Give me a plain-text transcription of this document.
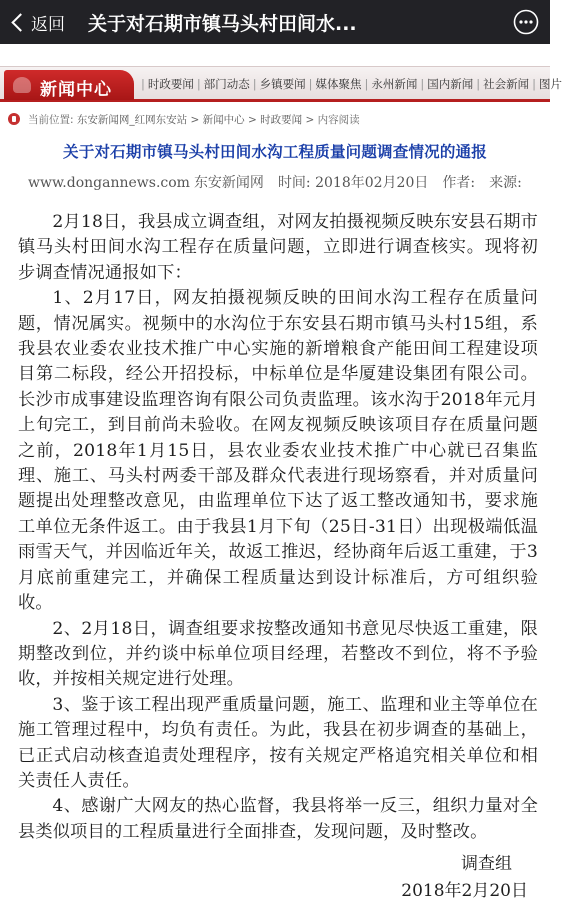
返回 关于对石期市镇马头村田间水...
新闻中心	| 时政要闻 | 部门动态 | 乡镇要闻 | 媒体聚焦 | 永州新闻 | 国内新闻 | 社会新闻 | 图片
当前位置: 东安新闻网_红网东安站 > 新闻中心 > 时政要闻 > 内容阅读
关于对石期市镇马头村田间水沟工程质量问题调查情况的通报
www.dongannews.com 东安新闻网 时间: 2018年02月20日 作者: 来源:

2月18日，我县成立调查组，对网友拍摄视频反映东安县石期市镇马头村田间水沟工程存在质量问题，立即进行调查核实。现将初步调查情况通报如下：

1、2月17日，网友拍摄视频反映的田间水沟工程存在质量问题，情况属实。视频中的水沟位于东安县石期市镇马头村15组，系我县农业委农业技术推广中心实施的新增粮食产能田间工程建设项目第二标段，经公开招投标，中标单位是华厦建设集团有限公司。长沙市成事建设监理咨询有限公司负责监理。该水沟于2018年元月上旬完工，到目前尚未验收。在网友视频反映该项目存在质量问题之前，2018年1月15日，县农业委农业技术推广中心就已召集监理、施工、马头村两委干部及群众代表进行现场察看，并对质量问题提出处理整改意见，由监理单位下达了返工整改通知书，要求施工单位无条件返工。由于我县1月下旬（25日-31日）出现极端低温雨雪天气，并因临近年关，故返工推迟，经协商年后返工重建，于3月底前重建完工，并确保工程质量达到设计标准后，方可组织验收。

2、2月18日，调查组要求按整改通知书意见尽快返工重建，限期整改到位，并约谈中标单位项目经理，若整改不到位，将不予验收，并按相关规定进行处理。

3、鉴于该工程出现严重质量问题，施工、监理和业主等单位在施工管理过程中，均负有责任。为此，我县在初步调查的基础上，已正式启动核查追责处理程序，按有关规定严格追究相关单位和相关责任人责任。

4、感谢广大网友的热心监督，我县将举一反三，组织力量对全县类似项目的工程质量进行全面排查，发现问题，及时整改。

调查组
2018年2月20日
